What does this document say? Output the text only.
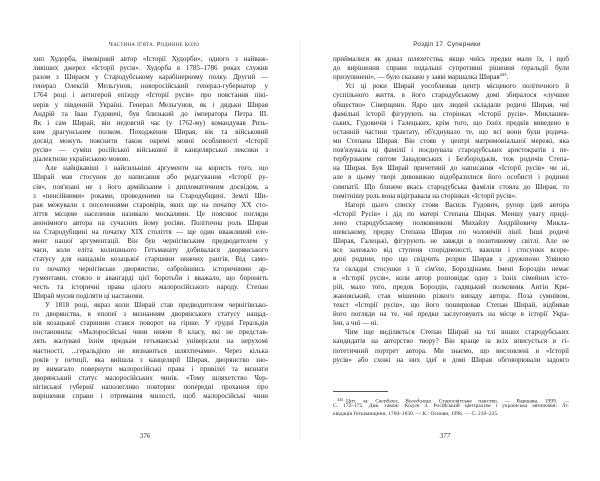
Частина п'ята. Родинне коло
хип Худорба, ймовірний автор «Історії Худорби», одного з найваж-
ливіших джерел «Історії русів». Худорба в 1785–1786 роках служив
разом з Шираєм у Стародубському карабінерному полку. Другий —
генерал Олексій Мельгунов, новоросійський генерал-губернатор у
1764 році і антигерой епізоду «Історії русів» про повстання пікі-
нерів у південній Україні. Генерал Мельгунов, як і дядьки Ширая
Андрій та Іван Гудовичі, був близький до імператора Петра III.
Як і сам Ширай, він недовгий час (у 1762-му) командував Ризь-
ким драгунським полком. Походження Ширая, вік та військовий
досвід можуть пояснити також окремі мовні особливості «Історії
русів» — суміш російської військової й канцелярської лексики з
діалектною українською мовою.
Але найцікавіші і найсильніші аргументи на користь того, що
Ширай мав стосунок до написання або редагування «Історії ру-
сів», пов'язані не з його армійським і дипломатичним досвідом, а
з «пенсійними» роками, проведеними на Стародубщині. Землі Ши-
рая межували з поселеннями старовірів, яких ще на початку XX сто-
ліття місцеве населення називало москалями. Це пояснює погляди
анонімного автора на сучасних йому росіян. Політична роль Ширая
на Стародубщині на початку XIX століття — ще один вважливий еле-
мент нашої аргументації. Він був чернігівським предводителем у
часи, коли еліта колишнього Гетьманату добивалася дворянського
статусу для нащадків козацької старшини нижчих рангів. Від само-
го початку чернігівське дворянство, озброївшись історичними ар-
гументами, стояло в авангарді цієї боротьби і вважало, що боронить
честь та історичні права цілого малоросійського народу. Степан
Ширай мусив поділяти ці настанови.
У 1818 році, якраз коли Ширай став предводителем чернігівсько-
го дворянства, в епопеї з визнанням дворянського статусу нащад-
ків козацької старшини стався поворот на гірше. У грудні Геральдія
постановила: «Малоросійські чини нижче 8 класу, які не представ-
лять жалувані їхнім предкам гетьманські універсали на нерухомі
маєтності, ...геральдією не визнаються шляхтичами». Через кілька
років у петиції, яка вийшла з канцелярії Ширая, дворянство зно-
ву вимагало повернути малоросійські права і привілеї та визнати
дворянський статус малоросійських чинів. «Тому шляхетство Чер-
нігівської губернії наполегливо повторює попередні прохання про
вирішення справи і отримання милості, щоб малоросійські чини
376
Розділ 17. Суперники
приймалися як доказ шляхетства, якщо чиїсь предки мали їх, і щоб
до вирішення справи подальші супротивні рішення геральдії були
призупинені», — було сказано у заяві маршалка Ширая$^{443}$.
Усі ці роки Ширай уособлював центр місцевого політичного й
суспільного життя, в його стародубському домі збиралося «лучшее
общество» Сіверщини. Ядро цих людей складали родичі Ширая, чиї
фамільні історії фігурують на сторінках «Історії русів». Миклашев-
ських, Гудовичів і Галецьких, крім того, що їхніх предків виведено в
останній частині трактату, об'єднувало те, що всі вони були родича-
ми Степана Ширая. Він стояв у центрі матримоніальної мережі, яка
пов'язувала ці фамілії і поєднувала стародубських аристократів з пе-
тербурзьким світом Завадовських і Безбородьків, теж родичів Степа-
на Ширая. Був Ширай причетний до написання «Історії русів» чи ні,
але в цьому творі дивовижно відобразилися його особисті і родинні
симпатії. Що ближче якась стародубська фамілія стояла до Ширая, то
помітнішу роль вона відігравала на сторінках «Історії русів».
Нагорі цього списку стояв Василь Гудович, рупор ідей автора
«Історії Русів» і дід по матері Степана Ширая. Меншу увагу приді-
лено стародубському полковникові Михайлу Андрійовичу Микла-
шевському, предку Степана Ширая по чоловічій лінії. Інші родичі
Ширая, Галецькі, фігурують не завжди в позитивному світлі. Але не
все залежало від ступеня спорідненості, важили і стосунки всере-
дині родини, про що свідчить розрив Ширая з дружиною Уляною
та складні стосунки з її сім'єю, Бороздінами. Імені Бороздін немає
в «Історії русів», коли автор розповідає одну з їхніх сімейних істо-
рій, мало того, предок Бороздін, гадяцький полковник Антін Кри-
жановський, став мішенню різкого випаду автора. Поза сумнівом,
текст «Історії русів», що його поширював Степан Ширай, відбивав
його погляди на те, чиї предки заслуговують на місце в історії Укра-
їни, а чиї — ні.
Чим іще виділяється Степан Ширай на тлі інших стародубських
кандидатів на авторство твору? Він краще за всіх вписується в гі-
потетичний портрет автора. Ми знаємо, що висловлені в «Історії
русів» або схожі на них ідеї в домі Ширая обговорювали задовго
$^{443}$ Цит. за: Сверблюз, Володимир. Старосвітське панство. — Варшава, 1999. —
С. 172–175. Див. також: Когут З. Російський централізм і українська автономія: Лі-
квідація Гетьманщини, 1760–1830. — К.: Основи, 1996. — С. 218–225.
377
